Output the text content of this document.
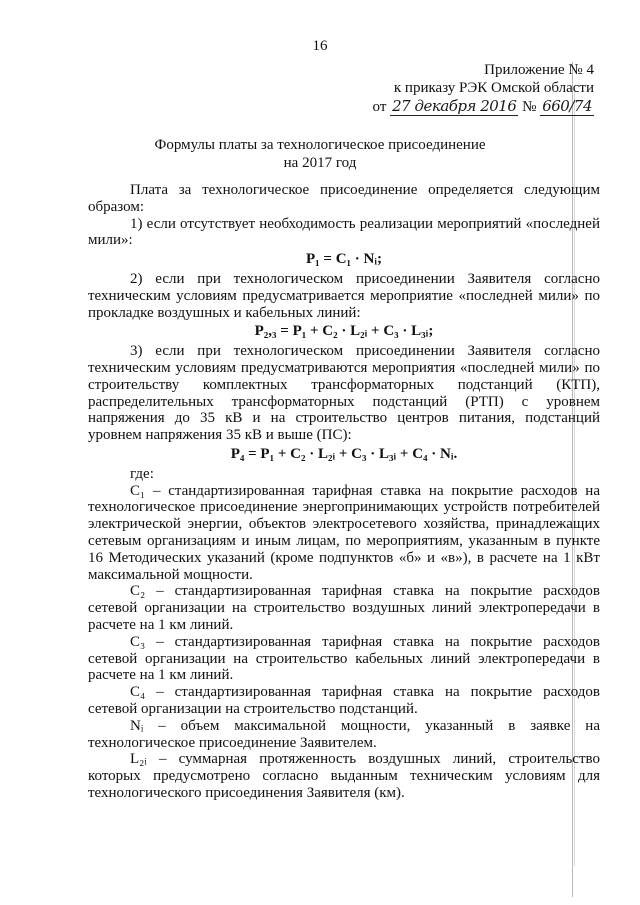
16
Приложение № 4
к приказу РЭК Омской области
от 27 декабря 2016 № 660/74
Формулы платы за технологическое присоединение
на 2017 год

Плата за технологическое присоединение определяется следующим образом:

1) если отсутствует необходимость реализации мероприятий «последней мили»:

P₁ = C₁ · Nᵢ;

2) если при технологическом присоединении Заявителя согласно техническим условиям предусматривается мероприятие «последней мили» по прокладке воздушных и кабельных линий:

P₂,₃ = P₁ + C₂ · L₂ᵢ + C₃ · L₃ᵢ;

3) если при технологическом присоединении Заявителя согласно техническим условиям предусматриваются мероприятия «последней мили» по строительству комплектных трансформаторных подстанций (КТП), распределительных трансформаторных подстанций (РТП) с уровнем напряжения до 35 кВ и на строительство центров питания, подстанций уровнем напряжения 35 кВ и выше (ПС):

P₄ = P₁ + C₂ · L₂ᵢ + C₃ · L₃ᵢ + C₄ · Nᵢ.

где:

C₁ – стандартизированная тарифная ставка на покрытие расходов на технологическое присоединение энергопринимающих устройств потребителей электрической энергии, объектов электросетевого хозяйства, принадлежащих сетевым организациям и иным лицам, по мероприятиям, указанным в пункте 16 Методических указаний (кроме подпунктов «б» и «в»), в расчете на 1 кВт максимальной мощности.

C₂ – стандартизированная тарифная ставка на покрытие расходов сетевой организации на строительство воздушных линий электропередачи в расчете на 1 км линий.

C₃ – стандартизированная тарифная ставка на покрытие расходов сетевой организации на строительство кабельных линий электропередачи в расчете на 1 км линий.

C₄ – стандартизированная тарифная ставка на покрытие расходов сетевой организации на строительство подстанций.

Nᵢ – объем максимальной мощности, указанный в заявке на технологическое присоединение Заявителем.

L₂ᵢ – суммарная протяженность воздушных линий, строительство которых предусмотрено согласно выданным техническим условиям для технологического присоединения Заявителя (км).
